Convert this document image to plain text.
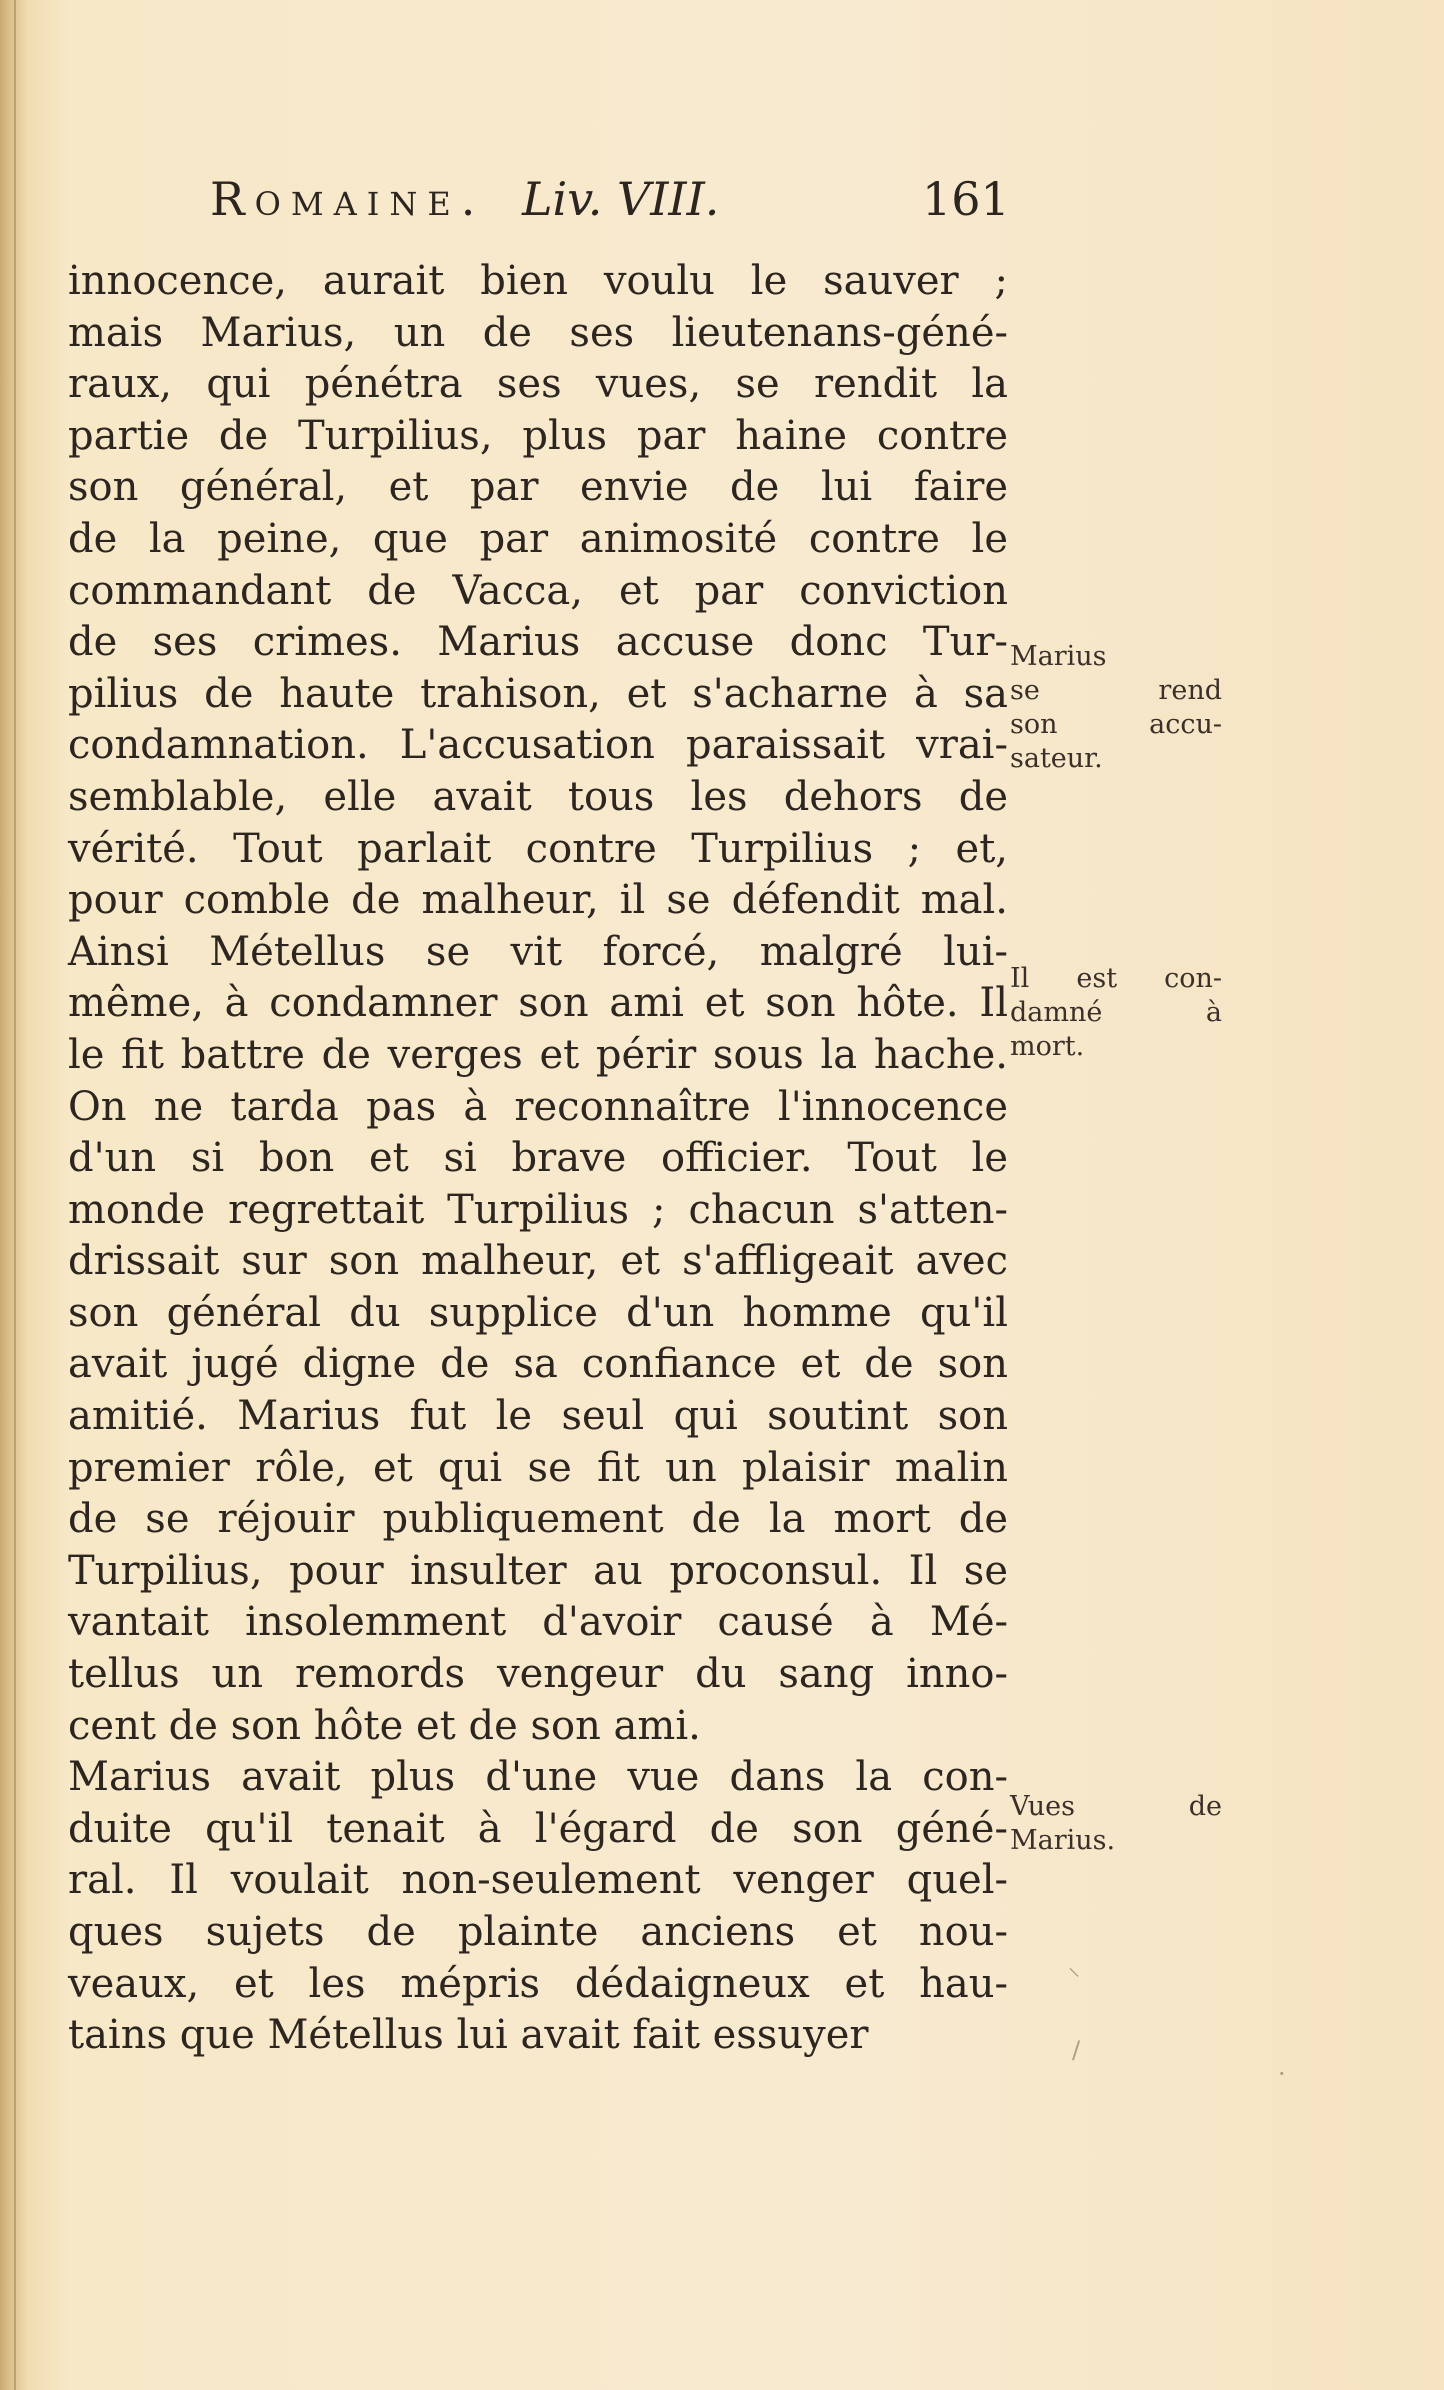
Romaine. Liv. VIII.	161
innocence, aurait bien voulu le sauver ;
mais Marius, un de ses lieutenans-géné-
raux, qui pénétra ses vues, se rendit la
partie de Turpilius, plus par haine contre
son général, et par envie de lui faire
de la peine, que par animosité contre le
commandant de Vacca, et par conviction
de ses crimes. Marius accuse donc Tur-
pilius de haute trahison, et s'acharne à sa
condamnation. L'accusation paraissait vrai-
semblable, elle avait tous les dehors de
vérité. Tout parlait contre Turpilius ; et,
pour comble de malheur, il se défendit mal.
Ainsi Métellus se vit forcé, malgré lui-
même, à condamner son ami et son hôte. Il
le fit battre de verges et périr sous la hache.
On ne tarda pas à reconnaître l'innocence
d'un si bon et si brave officier. Tout le
monde regrettait Turpilius ; chacun s'atten-
drissait sur son malheur, et s'affligeait avec
son général du supplice d'un homme qu'il
avait jugé digne de sa confiance et de son
amitié. Marius fut le seul qui soutint son
premier rôle, et qui se fit un plaisir malin
de se réjouir publiquement de la mort de
Turpilius, pour insulter au proconsul. Il se
vantait insolemment d'avoir causé à Mé-
tellus un remords vengeur du sang inno-
cent de son hôte et de son ami.
Marius avait plus d'une vue dans la con-
duite qu'il tenait à l'égard de son géné-
ral. Il voulait non-seulement venger quel-
ques sujets de plainte anciens et nou-
veaux, et les mépris dédaigneux et hau-
tains que Métellus lui avait fait essuyer
Marius
se rend
son accu-
sateur.
Il est con-
damné à
mort.
Vues de
Marius.
⸌
∕
·
